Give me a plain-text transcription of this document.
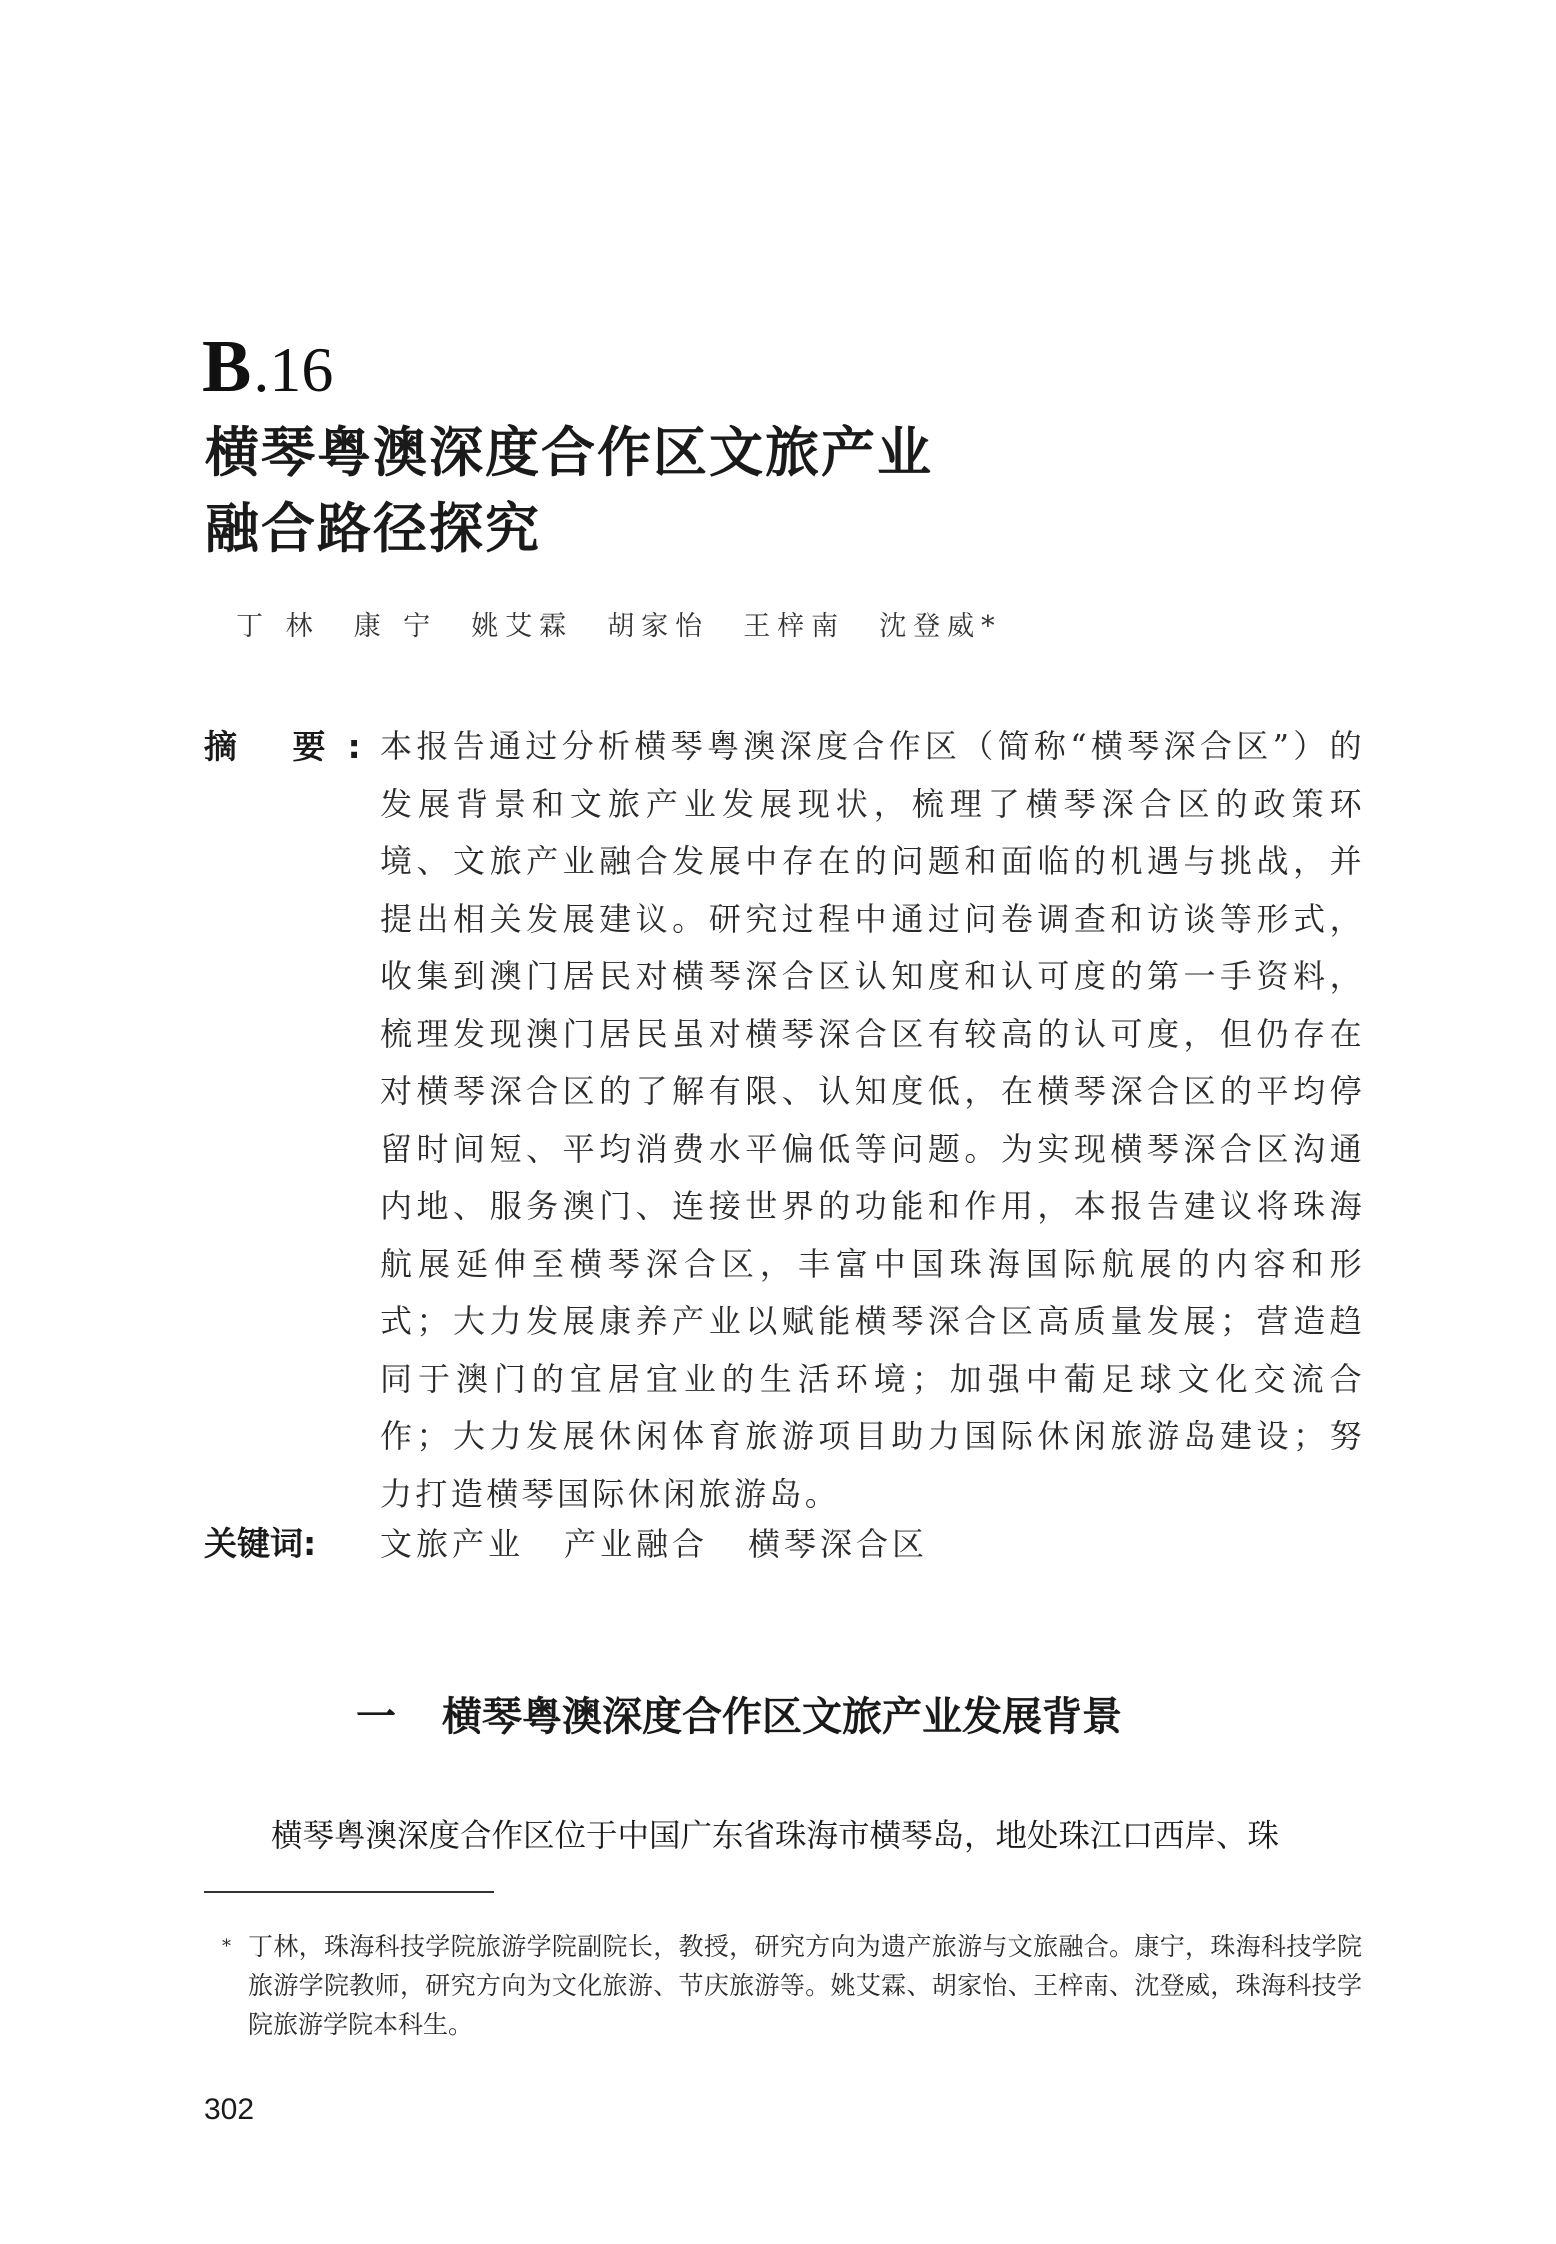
B.16
横琴粤澳深度合作区文旅产业
融合路径探究
丁 林 康 宁 姚艾霖 胡家怡 王梓南 沈登威*
摘 要:

本报告通过分析横琴粤澳深度合作区（简称“横琴深合区”）的发展背景和文旅产业发展现状，梳理了横琴深合区的政策环境、文旅产业融合发展中存在的问题和面临的机遇与挑战，并提出相关发展建议。研究过程中通过问卷调查和访谈等形式，收集到澳门居民对横琴深合区认知度和认可度的第一手资料，梳理发现澳门居民虽对横琴深合区有较高的认可度，但仍存在对横琴深合区的了解有限、认知度低，在横琴深合区的平均停留时间短、平均消费水平偏低等问题。为实现横琴深合区沟通内地、服务澳门、连接世界的功能和作用，本报告建议将珠海航展延伸至横琴深合区，丰富中国珠海国际航展的内容和形式；大力发展康养产业以赋能横琴深合区高质量发展；营造趋同于澳门的宜居宜业的生活环境；加强中葡足球文化交流合作；大力发展休闲体育旅游项目助力国际休闲旅游岛建设；努力打造横琴国际休闲旅游岛。

关键词: 文旅产业 产业融合 横琴深合区
一 横琴粤澳深度合作区文旅产业发展背景

横琴粤澳深度合作区位于中国广东省珠海市横琴岛，地处珠江口西岸、珠

* 丁林，珠海科技学院旅游学院副院长，教授，研究方向为遗产旅游与文旅融合。康宁，珠海科技学院旅游学院教师，研究方向为文化旅游、节庆旅游等。姚艾霖、胡家怡、王梓南、沈登威，珠海科技学院旅游学院本科生。
302
